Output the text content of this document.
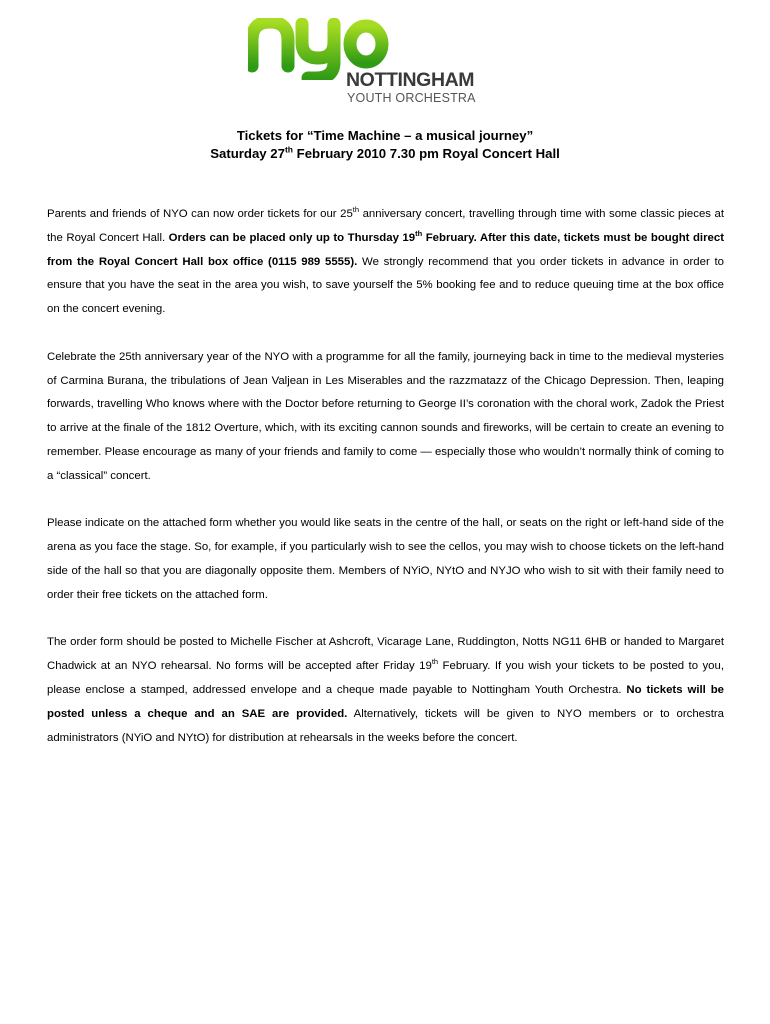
NOTTINGHAM
YOUTH ORCHESTRA
Tickets for “Time Machine – a musical journey”
Saturday 27th February 2010 7.30 pm Royal Concert Hall

Parents and friends of NYO can now order tickets for our 25th anniversary concert, travelling through time with some classic pieces at the Royal Concert Hall. Orders can be placed only up to Thursday 19th February. After this date, tickets must be bought direct from the Royal Concert Hall box office (0115 989 5555). We strongly recommend that you order tickets in advance in order to ensure that you have the seat in the area you wish, to save yourself the 5% booking fee and to reduce queuing time at the box office on the concert evening.

Celebrate the 25th anniversary year of the NYO with a programme for all the family, journeying back in time to the medieval mysteries of Carmina Burana, the tribulations of Jean Valjean in Les Miserables and the razzmatazz of the Chicago Depression. Then, leaping forwards, travelling Who knows where with the Doctor before returning to George II’s coronation with the choral work, Zadok the Priest to arrive at the finale of the 1812 Overture, which, with its exciting cannon sounds and fireworks, will be certain to create an evening to remember. Please encourage as many of your friends and family to come — especially those who wouldn’t normally think of coming to a “classical” concert.

Please indicate on the attached form whether you would like seats in the centre of the hall, or seats on the right or left-hand side of the arena as you face the stage. So, for example, if you particularly wish to see the cellos, you may wish to choose tickets on the left-hand side of the hall so that you are diagonally opposite them. Members of NYiO, NYtO and NYJO who wish to sit with their family need to order their free tickets on the attached form.

The order form should be posted to Michelle Fischer at Ashcroft, Vicarage Lane, Ruddington, Notts NG11 6HB or handed to Margaret Chadwick at an NYO rehearsal. No forms will be accepted after Friday 19th February. If you wish your tickets to be posted to you, please enclose a stamped, addressed envelope and a cheque made payable to Nottingham Youth Orchestra. No tickets will be posted unless a cheque and an SAE are provided. Alternatively, tickets will be given to NYO members or to orchestra administrators (NYiO and NYtO) for distribution at rehearsals in the weeks before the concert.
